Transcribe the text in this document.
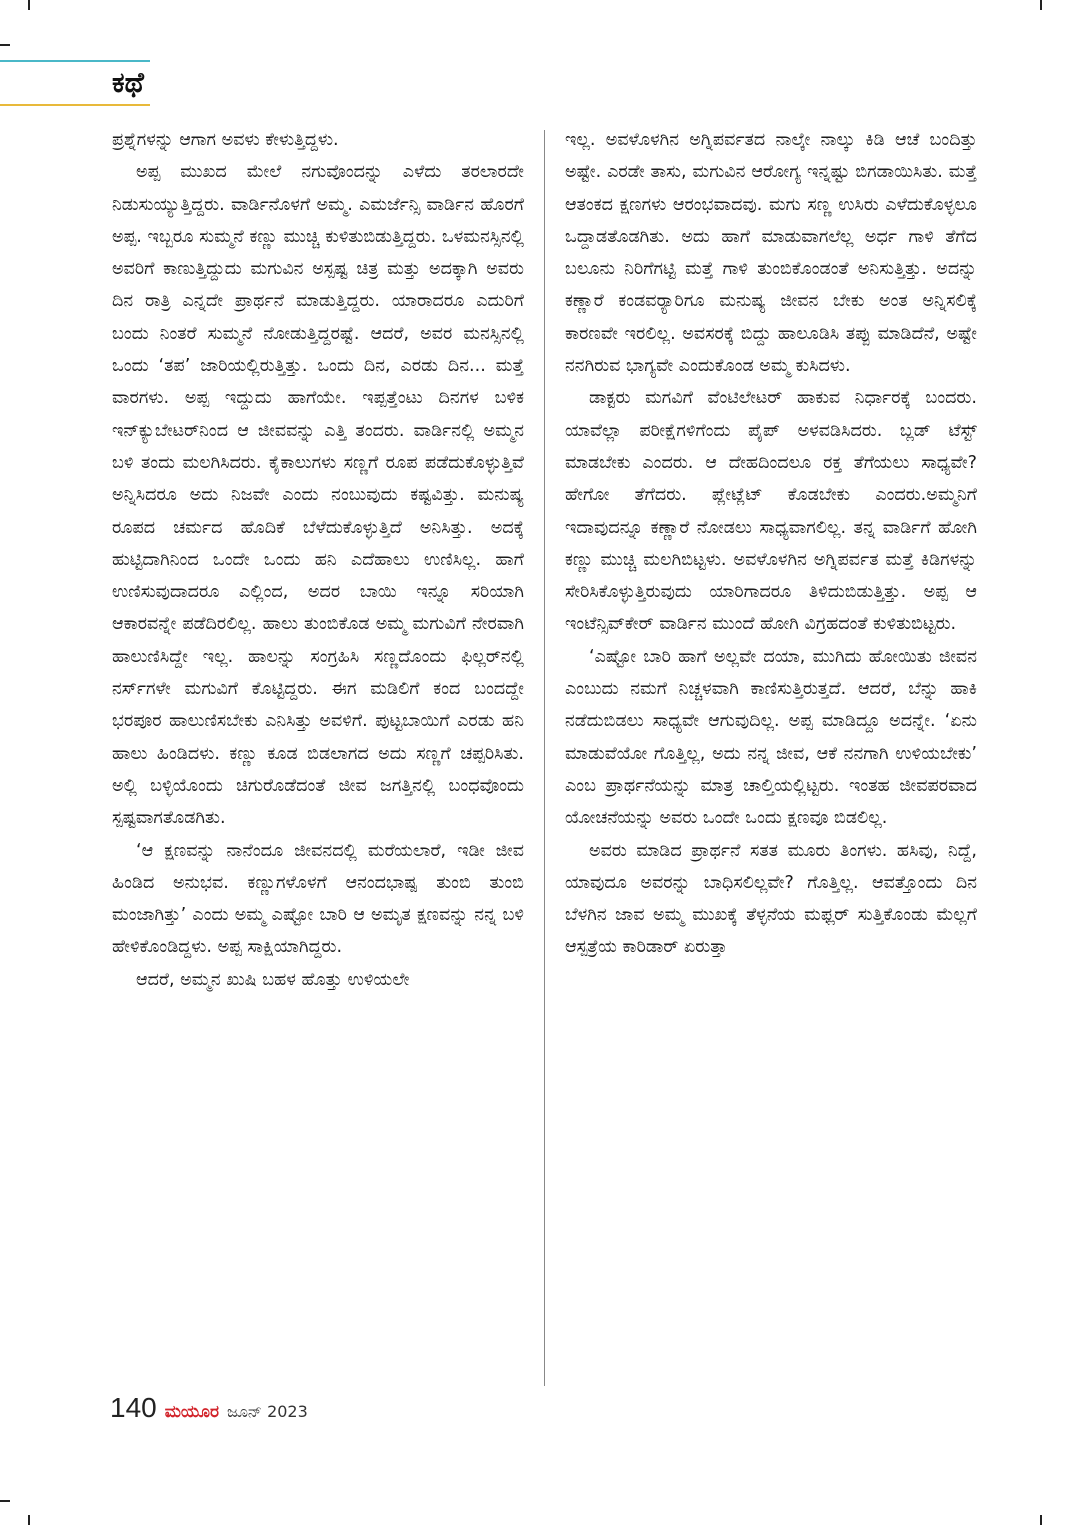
ಕಥೆ

ಪ್ರಶ್ನೆಗಳನ್ನು ಆಗಾಗ ಅವಳು ಕೇಳುತ್ತಿದ್ದಳು.

ಅಪ್ಪ ಮುಖದ ಮೇಲೆ ನಗುವೊಂದನ್ನು ಎಳೆದು ತರಲಾರದೇ ನಿಡುಸುಯ್ಯುತ್ತಿದ್ದರು. ವಾರ್ಡಿನೊಳಗೆ ಅಮ್ಮ. ಎಮರ್ಜೆನ್ಸಿ ವಾರ್ಡಿನ ಹೊರಗೆ ಅಪ್ಪ. ಇಬ್ಬರೂ ಸುಮ್ಮನೆ ಕಣ್ಣು ಮುಚ್ಚಿ ಕುಳಿತುಬಿಡುತ್ತಿದ್ದರು. ಒಳಮನಸ್ಸಿನಲ್ಲಿ ಅವರಿಗೆ ಕಾಣುತ್ತಿದ್ದುದು ಮಗುವಿನ ಅಸ್ಪಷ್ಟ ಚಿತ್ರ ಮತ್ತು ಅದಕ್ಕಾಗಿ ಅವರು ದಿನ ರಾತ್ರಿ ಎನ್ನದೇ ಪ್ರಾರ್ಥನೆ ಮಾಡುತ್ತಿದ್ದರು. ಯಾರಾದರೂ ಎದುರಿಗೆ ಬಂದು ನಿಂತರೆ ಸುಮ್ಮನೆ ನೋಡುತ್ತಿದ್ದರಷ್ಟೆ. ಆದರೆ, ಅವರ ಮನಸ್ಸಿನಲ್ಲಿ ಒಂದು ‘ತಪ’ ಜಾರಿಯಲ್ಲಿರುತ್ತಿತ್ತು. ಒಂದು ದಿನ, ಎರಡು ದಿನ... ಮತ್ತೆ ವಾರಗಳು. ಅಪ್ಪ ಇದ್ದುದು ಹಾಗೆಯೇ. ಇಪ್ಪತ್ತೆಂಟು ದಿನಗಳ ಬಳಿಕ ಇನ್‌ಕ್ಯುಬೇಟರ್‌ನಿಂದ ಆ ಜೀವವನ್ನು ಎತ್ತಿ ತಂದರು. ವಾರ್ಡಿನಲ್ಲಿ ಅಮ್ಮನ ಬಳಿ ತಂದು ಮಲಗಿಸಿದರು. ಕೈಕಾಲುಗಳು ಸಣ್ಣಗೆ ರೂಪ ಪಡೆದುಕೊಳ್ಳುತ್ತಿವೆ ಅನ್ನಿಸಿದರೂ ಅದು ನಿಜವೇ ಎಂದು ನಂಬುವುದು ಕಷ್ಟವಿತ್ತು. ಮನುಷ್ಯ ರೂಪದ ಚರ್ಮದ ಹೊದಿಕೆ ಬೆಳೆದುಕೊಳ್ಳುತ್ತಿದೆ ಅನಿಸಿತ್ತು. ಅದಕ್ಕೆ ಹುಟ್ಟಿದಾಗಿನಿಂದ ಒಂದೇ ಒಂದು ಹನಿ ಎದೆಹಾಲು ಉಣಿಸಿಲ್ಲ. ಹಾಗೆ ಉಣಿಸುವುದಾದರೂ ಎಲ್ಲಿಂದ, ಅದರ ಬಾಯಿ ಇನ್ನೂ ಸರಿಯಾಗಿ ಆಕಾರವನ್ನೇ ಪಡೆದಿರಲಿಲ್ಲ. ಹಾಲು ತುಂಬಿಕೊಡ ಅಮ್ಮ ಮಗುವಿಗೆ ನೇರವಾಗಿ ಹಾಲುಣಿಸಿದ್ದೇ ಇಲ್ಲ. ಹಾಲನ್ನು ಸಂಗ್ರಹಿಸಿ ಸಣ್ಣದೊಂದು ಫಿಲ್ಲರ್‌ನಲ್ಲಿ ನರ್ಸ್‌ಗಳೇ ಮಗುವಿಗೆ ಕೊಟ್ಟಿದ್ದರು. ಈಗ ಮಡಿಲಿಗೆ ಕಂದ ಬಂದದ್ದೇ ಭರಪೂರ ಹಾಲುಣಿಸಬೇಕು ಎನಿಸಿತ್ತು ಅವಳಿಗೆ. ಪುಟ್ಟಬಾಯಿಗೆ ಎರಡು ಹನಿ ಹಾಲು ಹಿಂಡಿದಳು. ಕಣ್ಣು ಕೂಡ ಬಿಡಲಾಗದ ಅದು ಸಣ್ಣಗೆ ಚಪ್ಪರಿಸಿತು. ಅಲ್ಲಿ ಬಳ್ಳಿಯೊಂದು ಚಿಗುರೊಡೆದಂತೆ ಜೀವ ಜಗತ್ತಿನಲ್ಲಿ ಬಂಧವೊಂದು ಸ್ಪಷ್ಟವಾಗತೊಡಗಿತು.

‘ಆ ಕ್ಷಣವನ್ನು ನಾನೆಂದೂ ಜೀವನದಲ್ಲಿ ಮರೆಯಲಾರೆ, ಇಡೀ ಜೀವ ಹಿಂಡಿದ ಅನುಭವ. ಕಣ್ಣುಗಳೊಳಗೆ ಆನಂದಭಾಷ್ಪ ತುಂಬಿ ತುಂಬಿ ಮಂಜಾಗಿತ್ತು’ ಎಂದು ಅಮ್ಮ ಎಷ್ಟೋ ಬಾರಿ ಆ ಅಮೃತ ಕ್ಷಣವನ್ನು ನನ್ನ ಬಳಿ ಹೇಳಿಕೊಂಡಿದ್ದಳು. ಅಪ್ಪ ಸಾಕ್ಷಿಯಾಗಿದ್ದರು.

ಆದರೆ, ಅಮ್ಮನ ಖುಷಿ ಬಹಳ ಹೊತ್ತು ಉಳಿಯಲೇ

ಇಲ್ಲ. ಅವಳೊಳಗಿನ ಅಗ್ನಿಪರ್ವತದ ನಾಲ್ಕೇ ನಾಲ್ಕು ಕಿಡಿ ಆಚೆ ಬಂದಿತ್ತು ಅಷ್ಟೇ. ಎರಡೇ ತಾಸು, ಮಗುವಿನ ಆರೋಗ್ಯ ಇನ್ನಷ್ಟು ಬಿಗಡಾಯಿಸಿತು. ಮತ್ತೆ ಆತಂಕದ ಕ್ಷಣಗಳು ಆರಂಭವಾದವು. ಮಗು ಸಣ್ಣ ಉಸಿರು ಎಳೆದುಕೊಳ್ಳಲೂ ಒದ್ದಾಡತೊಡಗಿತು. ಅದು ಹಾಗೆ ಮಾಡುವಾಗಲೆಲ್ಲ ಅರ್ಧ ಗಾಳಿ ತೆಗೆದ ಬಲೂನು ನಿರಿಗೆಗಟ್ಟಿ ಮತ್ತೆ ಗಾಳಿ ತುಂಬಿಕೊಂಡಂತೆ ಅನಿಸುತ್ತಿತ್ತು. ಅದನ್ನು ಕಣ್ಣಾರೆ ಕಂಡವರ್‍ಯಾರಿಗೂ ಮನುಷ್ಯ ಜೀವನ ಬೇಕು ಅಂತ ಅನ್ನಿಸಲಿಕ್ಕೆ ಕಾರಣವೇ ಇರಲಿಲ್ಲ. ಅವಸರಕ್ಕೆ ಬಿದ್ದು ಹಾಲೂಡಿಸಿ ತಪ್ಪು ಮಾಡಿದೆನೆ, ಅಷ್ಟೇ ನನಗಿರುವ ಭಾಗ್ಯವೇ ಎಂದುಕೊಂಡ ಅಮ್ಮ ಕುಸಿದಳು.

ಡಾಕ್ಟರು ಮಗವಿಗೆ ವೆಂಟಿಲೇಟರ್ ಹಾಕುವ ನಿರ್ಧಾರಕ್ಕೆ ಬಂದರು. ಯಾವೆಲ್ಲಾ ಪರೀಕ್ಷೆಗಳಿಗೆಂದು ಪೈಪ್ ಅಳವಡಿಸಿದರು. ಬ್ಲಡ್ ಟೆಸ್ಟ್ ಮಾಡಬೇಕು ಎಂದರು. ಆ ದೇಹದಿಂದಲೂ ರಕ್ತ ತೆಗೆಯಲು ಸಾಧ್ಯವೇ? ಹೇಗೋ ತೆಗೆದರು. ಪ್ಲೇಟ್ಲೆಟ್ ಕೊಡಬೇಕು ಎಂದರು.ಅಮ್ಮನಿಗೆ ಇದಾವುದನ್ನೂ ಕಣ್ಣಾರೆ ನೋಡಲು ಸಾಧ್ಯವಾಗಲಿಲ್ಲ. ತನ್ನ ವಾರ್ಡಿಗೆ ಹೋಗಿ ಕಣ್ಣು ಮುಚ್ಚಿ ಮಲಗಿಬಿಟ್ಟಳು. ಅವಳೊಳಗಿನ ಅಗ್ನಿಪರ್ವತ ಮತ್ತೆ ಕಿಡಿಗಳನ್ನು ಸೇರಿಸಿಕೊಳ್ಳುತ್ತಿರುವುದು ಯಾರಿಗಾದರೂ ತಿಳಿದುಬಿಡುತ್ತಿತ್ತು. ಅಪ್ಪ ಆ ಇಂಟೆನ್ಸಿವ್‌ಕೇರ್ ವಾರ್ಡಿನ ಮುಂದೆ ಹೋಗಿ ವಿಗ್ರಹದಂತೆ ಕುಳಿತುಬಿಟ್ಟರು.

‘ಎಷ್ಟೋ ಬಾರಿ ಹಾಗೆ ಅಲ್ಲವೇ ದಯಾ, ಮುಗಿದು ಹೋಯಿತು ಜೀವನ ಎಂಬುದು ನಮಗೆ ನಿಚ್ಚಳವಾಗಿ ಕಾಣಿಸುತ್ತಿರುತ್ತದೆ. ಆದರೆ, ಬೆನ್ನು ಹಾಕಿ ನಡೆದುಬಿಡಲು ಸಾಧ್ಯವೇ ಆಗುವುದಿಲ್ಲ. ಅಪ್ಪ ಮಾಡಿದ್ದೂ ಅದನ್ನೇ. ‘ಏನು ಮಾಡುವೆಯೋ ಗೊತ್ತಿಲ್ಲ, ಅದು ನನ್ನ ಜೀವ, ಆಕೆ ನನಗಾಗಿ ಉಳಿಯಬೇಕು’ ಎಂಬ ಪ್ರಾರ್ಥನೆಯನ್ನು ಮಾತ್ರ ಚಾಲ್ತಿಯಲ್ಲಿಟ್ಟರು. ಇಂತಹ ಜೀವಪರವಾದ ಯೋಚನೆಯನ್ನು ಅವರು ಒಂದೇ ಒಂದು ಕ್ಷಣವೂ ಬಿಡಲಿಲ್ಲ.

ಅವರು ಮಾಡಿದ ಪ್ರಾರ್ಥನೆ ಸತತ ಮೂರು ತಿಂಗಳು. ಹಸಿವು, ನಿದ್ದೆ, ಯಾವುದೂ ಅವರನ್ನು ಬಾಧಿಸಲಿಲ್ಲವೇ? ಗೊತ್ತಿಲ್ಲ. ಆವತ್ತೊಂದು ದಿನ ಬೆಳಗಿನ ಜಾವ ಅಮ್ಮ ಮುಖಕ್ಕೆ ತೆಳ್ಳನೆಯ ಮಫ್ಲರ್ ಸುತ್ತಿಕೊಂಡು ಮೆಲ್ಲಗೆ ಆಸ್ಪತ್ರೆಯ ಕಾರಿಡಾರ್ ಏರುತ್ತಾ

140 ಮಯೂರ ಜೂನ್ 2023
